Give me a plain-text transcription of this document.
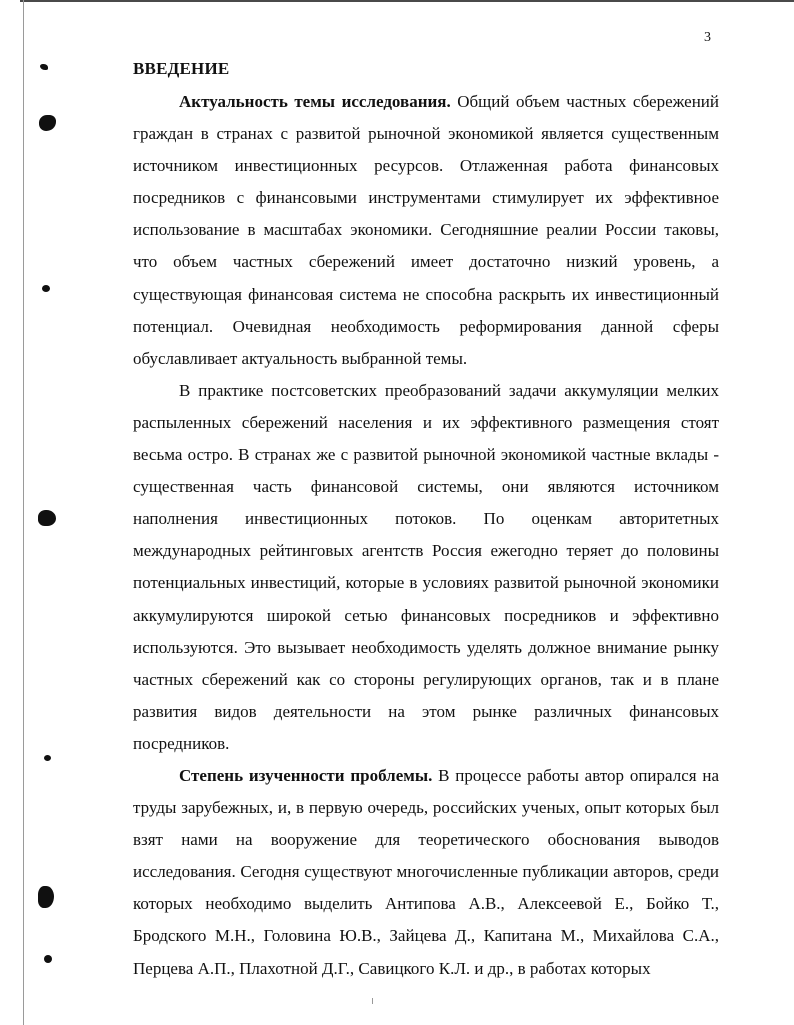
3
ВВЕДЕНИЕ

Актуальность темы исследования. Общий объем частных сбережений граждан в странах с развитой рыночной экономикой является существенным источником инвестиционных ресурсов. Отлаженная работа финансовых посредников с финансовыми инструментами стимулирует их эффективное использование в масштабах экономики. Сегодняшние реалии России таковы, что объем частных сбережений имеет достаточно низкий уровень, а существующая финансовая система не способна раскрыть их инвестиционный потенциал. Очевидная необходимость реформирования данной сферы обуславливает актуальность выбранной темы.

В практике постсоветских преобразований задачи аккумуляции мелких распыленных сбережений населения и их эффективного размещения стоят весьма остро. В странах же с развитой рыночной экономикой частные вклады - существенная часть финансовой системы, они являются источником наполнения инвестиционных потоков. По оценкам авторитетных международных рейтинговых агентств Россия ежегодно теряет до половины потенциальных инвестиций, которые в условиях развитой рыночной экономики аккумулируются широкой сетью финансовых посредников и эффективно используются. Это вызывает необходимость уделять должное внимание рынку частных сбережений как со стороны регулирующих органов, так и в плане развития видов деятельности на этом рынке различных финансовых посредников.

Степень изученности проблемы. В процессе работы автор опирался на труды зарубежных, и, в первую очередь, российских ученых, опыт которых был взят нами на вооружение для теоретического обоснования выводов исследования. Сегодня существуют многочисленные публикации авторов, среди которых необходимо выделить Антипова А.В., Алексеевой Е., Бойко Т., Бродского М.Н., Головина Ю.В., Зайцева Д., Капитана М., Михайлова С.А., Перцева А.П., Плахотной Д.Г., Савицкого К.Л. и др., в работах которых
